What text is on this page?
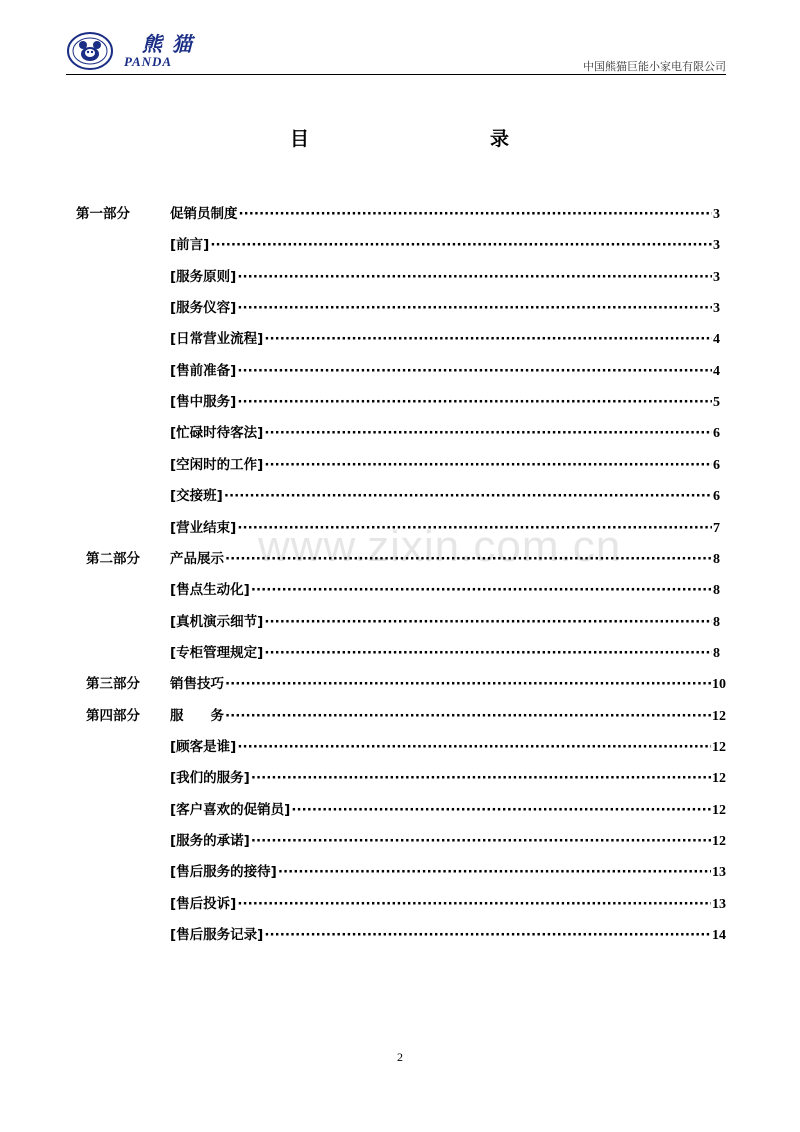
熊猫
PANDA	中国熊猫巨能小家电有限公司
目	录
www.zixin.com.cn
第一部分	促销员制度 ·····	3
[前言] ·····	3
[服务原则] ·····	3
[服务仪容] ·····	3
[日常营业流程] ·····	4
[售前准备] ·····	4
[售中服务] ·····	5
[忙碌时待客法] ·····	6
[空闲时的工作] ·····	6
[交接班] ·····	6
[营业结束] ·····	7
第二部分 产品展示 ·····	8
[售点生动化] ·····	8
[真机演示细节] ·····	8
[专柜管理规定] ·····	8
第三部分 销售技巧 ·····	10
第四部分 服　　务 ·····	12
[顾客是谁] ·····	12
[我们的服务] ·····	12
[客户喜欢的促销员] ·····	12
[服务的承诺] ·····	12
[售后服务的接待] ·····	13
[售后投诉] ·····	13
[售后服务记录] ·····	14
2
